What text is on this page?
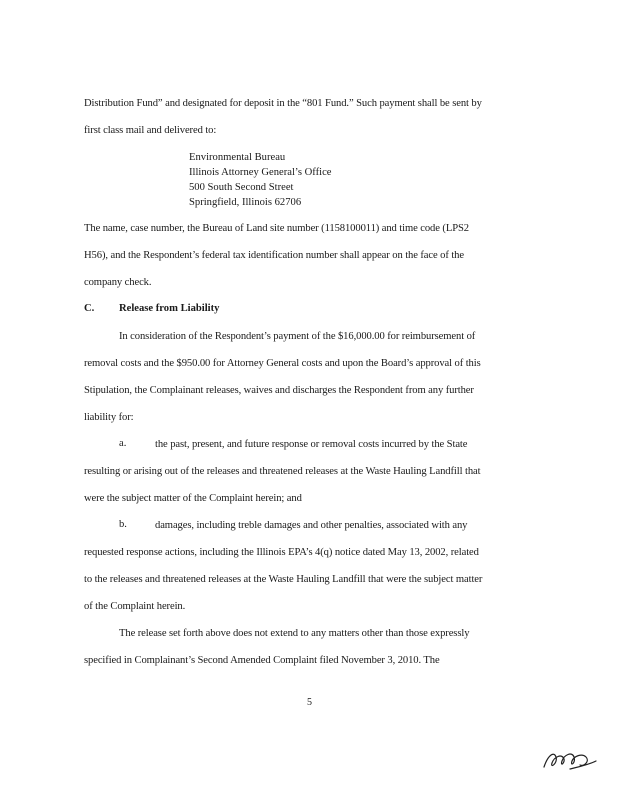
Distribution Fund” and designated for deposit in the “801 Fund.” Such payment shall be sent by
first class mail and delivered to:
Environmental Bureau
Illinois Attorney General’s Office
500 South Second Street
Springfield, Illinois 62706
The name, case number, the Bureau of Land site number (1158100011) and time code (LPS2
H56), and the Respondent’s federal tax identification number shall appear on the face of the
company check.
C. Release from Liability
In consideration of the Respondent’s payment of the $16,000.00 for reimbursement of
removal costs and the $950.00 for Attorney General costs and upon the Board’s approval of this
Stipulation, the Complainant releases, waives and discharges the Respondent from any further
liability for:
a.	the past, present, and future response or removal costs incurred by the State
resulting or arising out of the releases and threatened releases at the Waste Hauling Landfill that
were the subject matter of the Complaint herein; and
b.	damages, including treble damages and other penalties, associated with any
requested response actions, including the Illinois EPA’s 4(q) notice dated May 13, 2002, related
to the releases and threatened releases at the Waste Hauling Landfill that were the subject matter
of the Complaint herein.
The release set forth above does not extend to any matters other than those expressly
specified in Complainant’s Second Amended Complaint filed November 3, 2010. The
5
